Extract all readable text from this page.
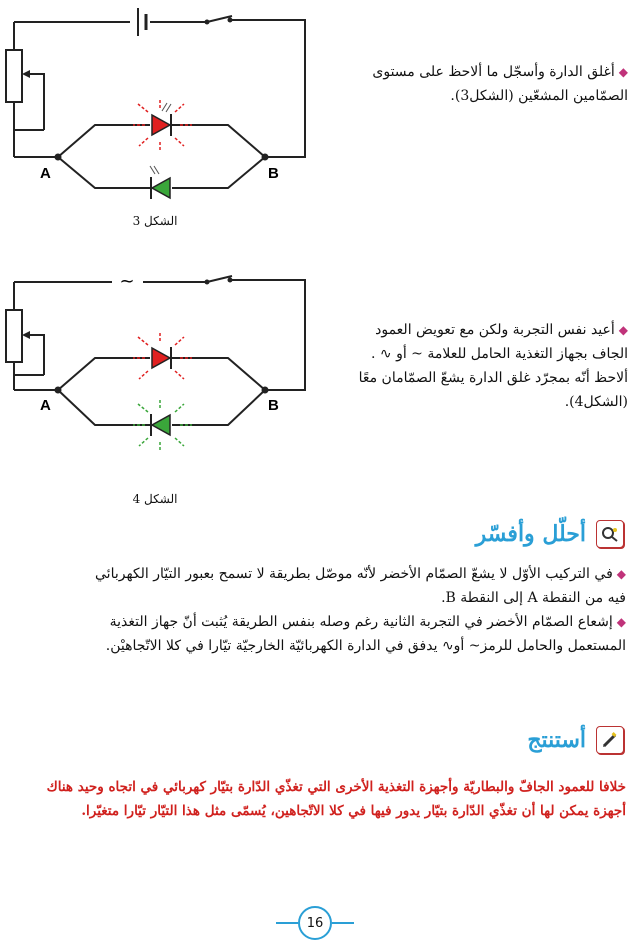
A	B
الشكل 3
◆أغلق الدارة وأسجّل ما ألاحظ على مستوى
الصمّامين المشعّين (الشكل3).
~
A	B
الشكل 4
◆أعيد نفس التجربة ولكن مع تعويض العمود
الجاف بجهاز التغذية الحامل للعلامة ~ أو ∿ .
ألاحظ أنّه بمجرّد غلق الدارة يشعّ الصمّامان معًا
(الشكل4).
أحلّل وأفسّر
◆في التركيب الأوّل لا يشعّ الصمّام الأخضر لأنّه موصّل بطريقة لا تسمح بعبور التيّار الكهربائي
فيه من النقطة A إلى النقطة B.
◆إشعاع الصمّام الأخضر في التجربة الثانية رغم وصله بنفس الطريقة يُثبت أنّ جهاز التغذية
المستعمل والحامل للرمز~ أو∿ يدفق في الدارة الكهربائيّة الخارجيّة تيّارا في كلا الاتّجاهيْن.
أستنتج
خلافا للعمود الجافّ والبطاريّة وأجهزة التغذية الأخرى التي تغذّي الدّارة بتيّار كهربائي في اتجاه وحيد هناك
أجهزة يمكن لها أن تغذّي الدّارة بتيّار يدور فيها في كلا الاتّجاهين، يُسمّى مثل هذا التيّار تيّارا متغيّرا.
16
